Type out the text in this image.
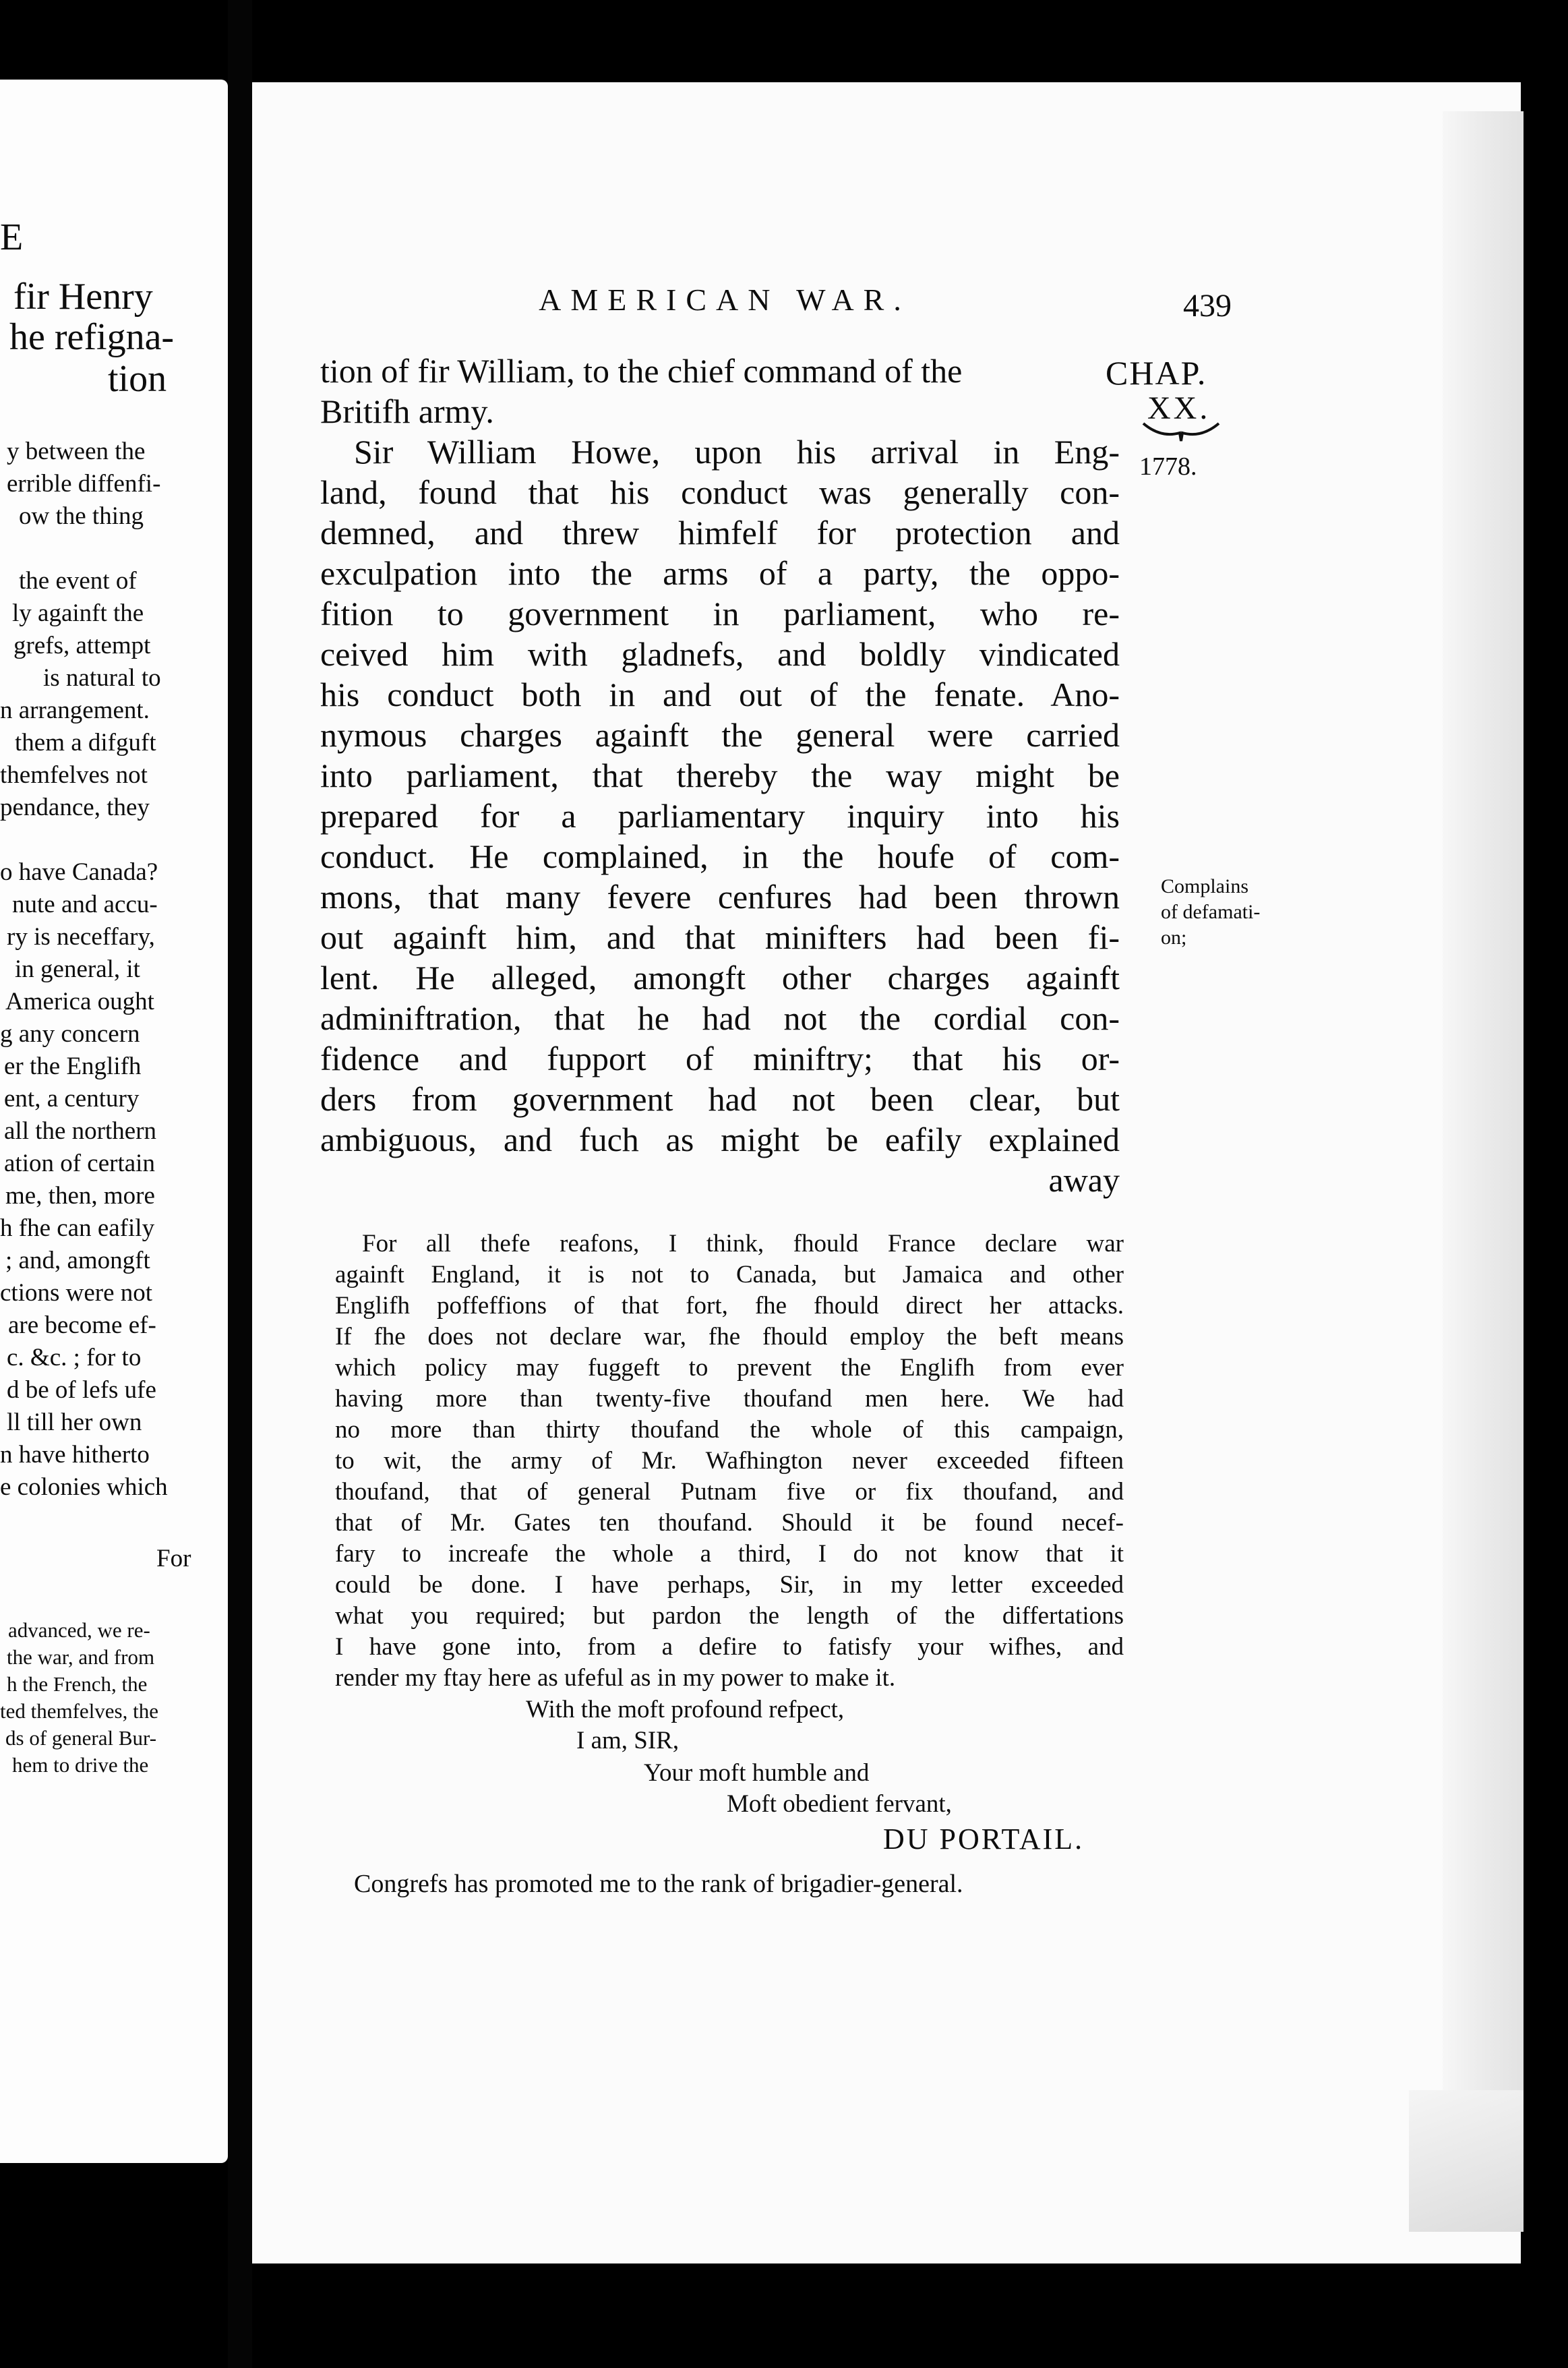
E
fir Henry
he refigna-
tion
y between the
errible diffenfi-
ow the thing
the event of
ly againft the
grefs, attempt
is natural to
n arrangement.
them a difguft
themfelves not
pendance, they
o have Canada?
nute and accu-
ry is neceffary,
in general, it
America ought
g any concern
er the Englifh
ent, a century
all the northern
ation of certain
me, then, more
h fhe can eafily
; and, amongft
ctions were not
are become ef-
c. &c. ; for to
d be of lefs ufe
ll till her own
n have hitherto
e colonies which
For
advanced, we re-
the war, and from
h the French, the
ted themfelves, the
ds of general Bur-
hem to drive the
AMERICAN WAR.	439
CHAP.
XX.
1778.
Complains
of defamati-
on;
tion of fir William, to the chief command of the
Britifh army.
Sir William Howe, upon his arrival in Eng-
land, found that his conduct was generally con-
demned, and threw himfelf for protection and
exculpation into the arms of a party, the oppo-
fition to government in parliament, who re-
ceived him with gladnefs, and boldly vindicated
his conduct both in and out of the fenate. Ano-
nymous charges againft the general were carried
into parliament, that thereby the way might be
prepared for a parliamentary inquiry into his
conduct. He complained, in the houfe of com-
mons, that many fevere cenfures had been thrown
out againft him, and that minifters had been fi-
lent. He alleged, amongft other charges againft
adminiftration, that he had not the cordial con-
fidence and fupport of miniftry; that his or-
ders from government had not been clear, but
ambiguous, and fuch as might be eafily explained
away
For all thefe reafons, I think, fhould France declare war
againft England, it is not to Canada, but Jamaica and other
Englifh poffeffions of that fort, fhe fhould direct her attacks.
If fhe does not declare war, fhe fhould employ the beft means
which policy may fuggeft to prevent the Englifh from ever
having more than twenty-five thoufand men here. We had
no more than thirty thoufand the whole of this campaign,
to wit, the army of Mr. Wafhington never exceeded fifteen
thoufand, that of general Putnam five or fix thoufand, and
that of Mr. Gates ten thoufand. Should it be found necef-
fary to increafe the whole a third, I do not know that it
could be done. I have perhaps, Sir, in my letter exceeded
what you required; but pardon the length of the differtations
I have gone into, from a defire to fatisfy your wifhes, and
render my ftay here as ufeful as in my power to make it.
With the moft profound refpect,
I am, SIR,
Your moft humble and
Moft obedient fervant,
DU PORTAIL.
Congrefs has promoted me to the rank of brigadier-general.
